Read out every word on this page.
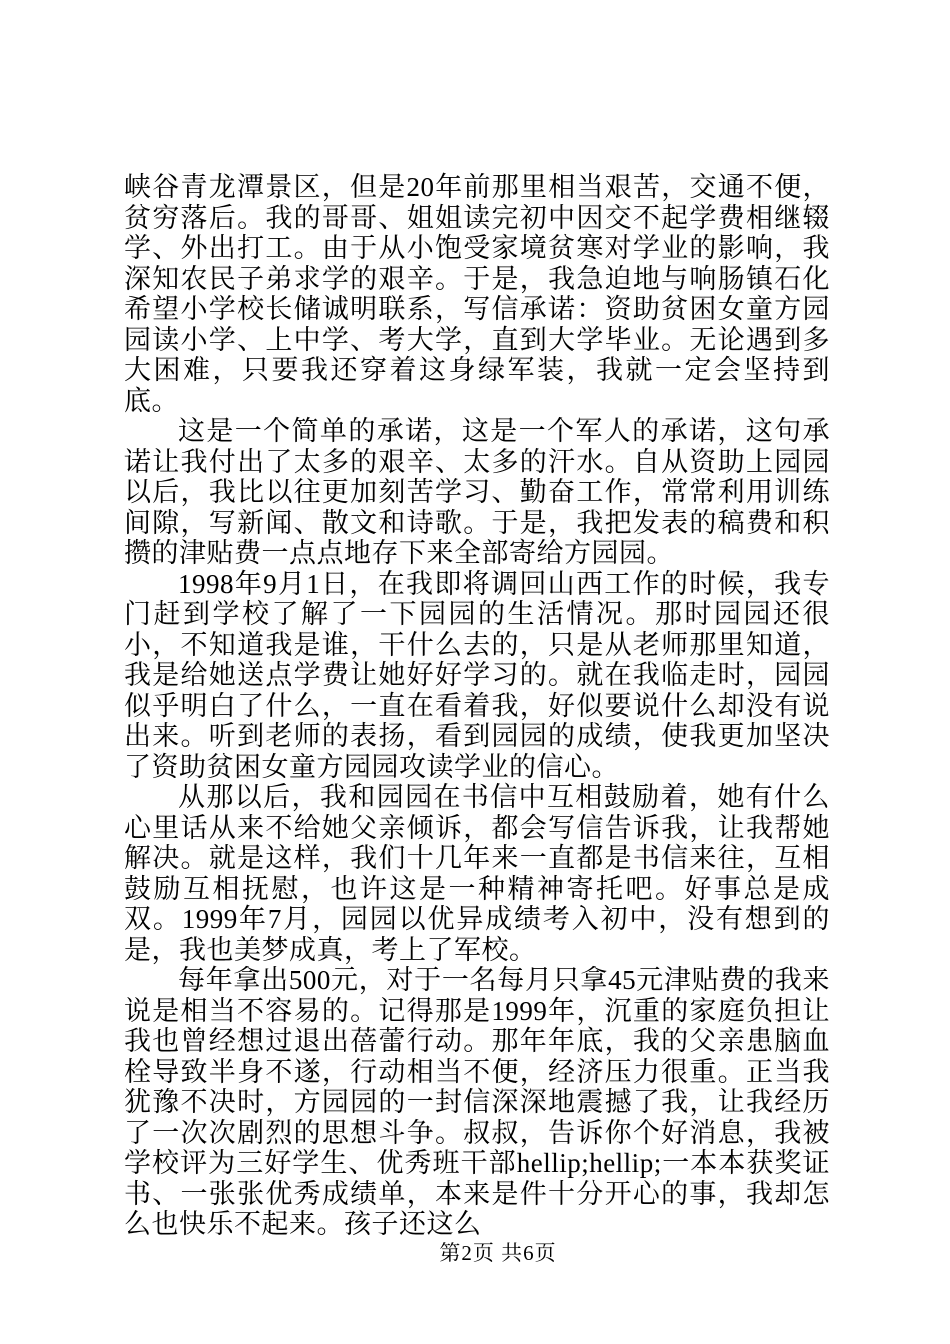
峡谷青龙潭景区，但是20年前那里相当艰苦，交通不便，贫穷落后。我的哥哥、姐姐读完初中因交不起学费相继辍学、外出打工。由于从小饱受家境贫寒对学业的影响，我深知农民子弟求学的艰辛。于是，我急迫地与响肠镇石化希望小学校长储诚明联系，写信承诺：资助贫困女童方园园读小学、上中学、考大学，直到大学毕业。无论遇到多大困难，只要我还穿着这身绿军装，我就一定会坚持到底。

这是一个简单的承诺，这是一个军人的承诺，这句承诺让我付出了太多的艰辛、太多的汗水。自从资助上园园以后，我比以往更加刻苦学习、勤奋工作，常常利用训练间隙，写新闻、散文和诗歌。于是，我把发表的稿费和积攒的津贴费一点点地存下来全部寄给方园园。

1998年9月1日，在我即将调回山西工作的时候，我专门赶到学校了解了一下园园的生活情况。那时园园还很小，不知道我是谁，干什么去的，只是从老师那里知道，我是给她送点学费让她好好学习的。就在我临走时，园园似乎明白了什么，一直在看着我，好似要说什么却没有说出来。听到老师的表扬，看到园园的成绩，使我更加坚决了资助贫困女童方园园攻读学业的信心。

从那以后，我和园园在书信中互相鼓励着，她有什么心里话从来不给她父亲倾诉，都会写信告诉我，让我帮她解决。就是这样，我们十几年来一直都是书信来往，互相鼓励互相抚慰，也许这是一种精神寄托吧。好事总是成双。1999年7月，园园以优异成绩考入初中，没有想到的是，我也美梦成真，考上了军校。

每年拿出500元，对于一名每月只拿45元津贴费的我来说是相当不容易的。记得那是1999年，沉重的家庭负担让我也曾经想过退出蓓蕾行动。那年年底，我的父亲患脑血栓导致半身不遂，行动相当不便，经济压力很重。正当我犹豫不决时，方园园的一封信深深地震撼了我，让我经历了一次次剧烈的思想斗争。叔叔，告诉你个好消息，我被学校评为三好学生、优秀班干部hellip;hellip;一本本获奖证书、一张张优秀成绩单，本来是件十分开心的事，我却怎么也快乐不起来。孩子还这么

第2页 共6页
